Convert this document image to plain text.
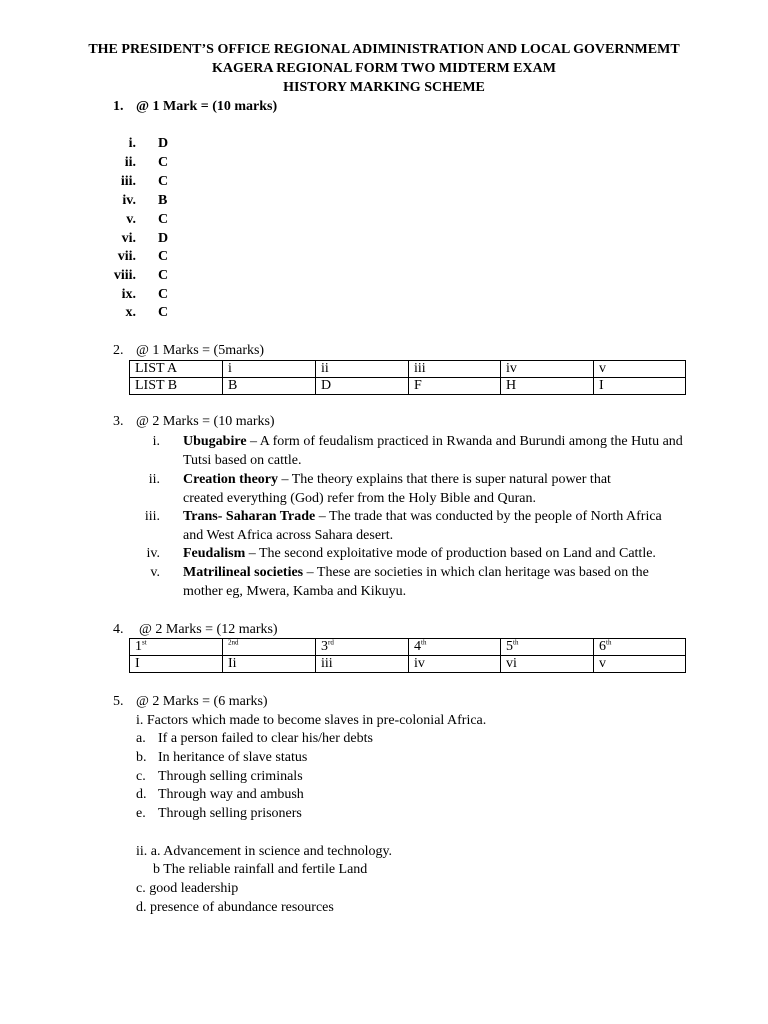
THE PRESIDENT’S OFFICE REGIONAL ADIMINISTRATION AND LOCAL GOVERNMEMT
KAGERA REGIONAL FORM TWO MIDTERM EXAM
HISTORY MARKING SCHEME
1. @ 1 Mark = (10 marks)
i. D
ii. C
iii. C
iv. B
v. C
vi. D
vii. C
viii. C
ix. C
x. C
2. @ 1 Marks = (5marks)
LIST A	i	ii	iii	iv	v
LIST B	B	D	F	H	I
3. @ 2 Marks = (10 marks)
i. Ubugabire – A form of feudalism practiced in Rwanda and Burundi among the Hutu and Tutsi based on cattle.
ii. Creation theory – The theory explains that there is super natural power that created everything (God) refer from the Holy Bible and Quran.
iii. Trans- Saharan Trade – The trade that was conducted by the people of North Africa and West Africa across Sahara desert.
iv. Feudalism – The second exploitative mode of production based on Land and Cattle.
v. Matrilineal societies – These are societies in which clan heritage was based on the mother eg, Mwera, Kamba and Kikuyu.
4. @ 2 Marks = (12 marks)
1st	$^{2nd}$	3rd	4th	5th	6th
I	Ii	iii	iv	vi	v
5. @ 2 Marks = (6 marks)
i. Factors which made to become slaves in pre-colonial Africa.
a. If a person failed to clear his/her debts
b. In heritance of slave status
c. Through selling criminals
d. Through way and ambush
e. Through selling prisoners
ii. a. Advancement in science and technology.
b The reliable rainfall and fertile Land
c. good leadership
d. presence of abundance resources
